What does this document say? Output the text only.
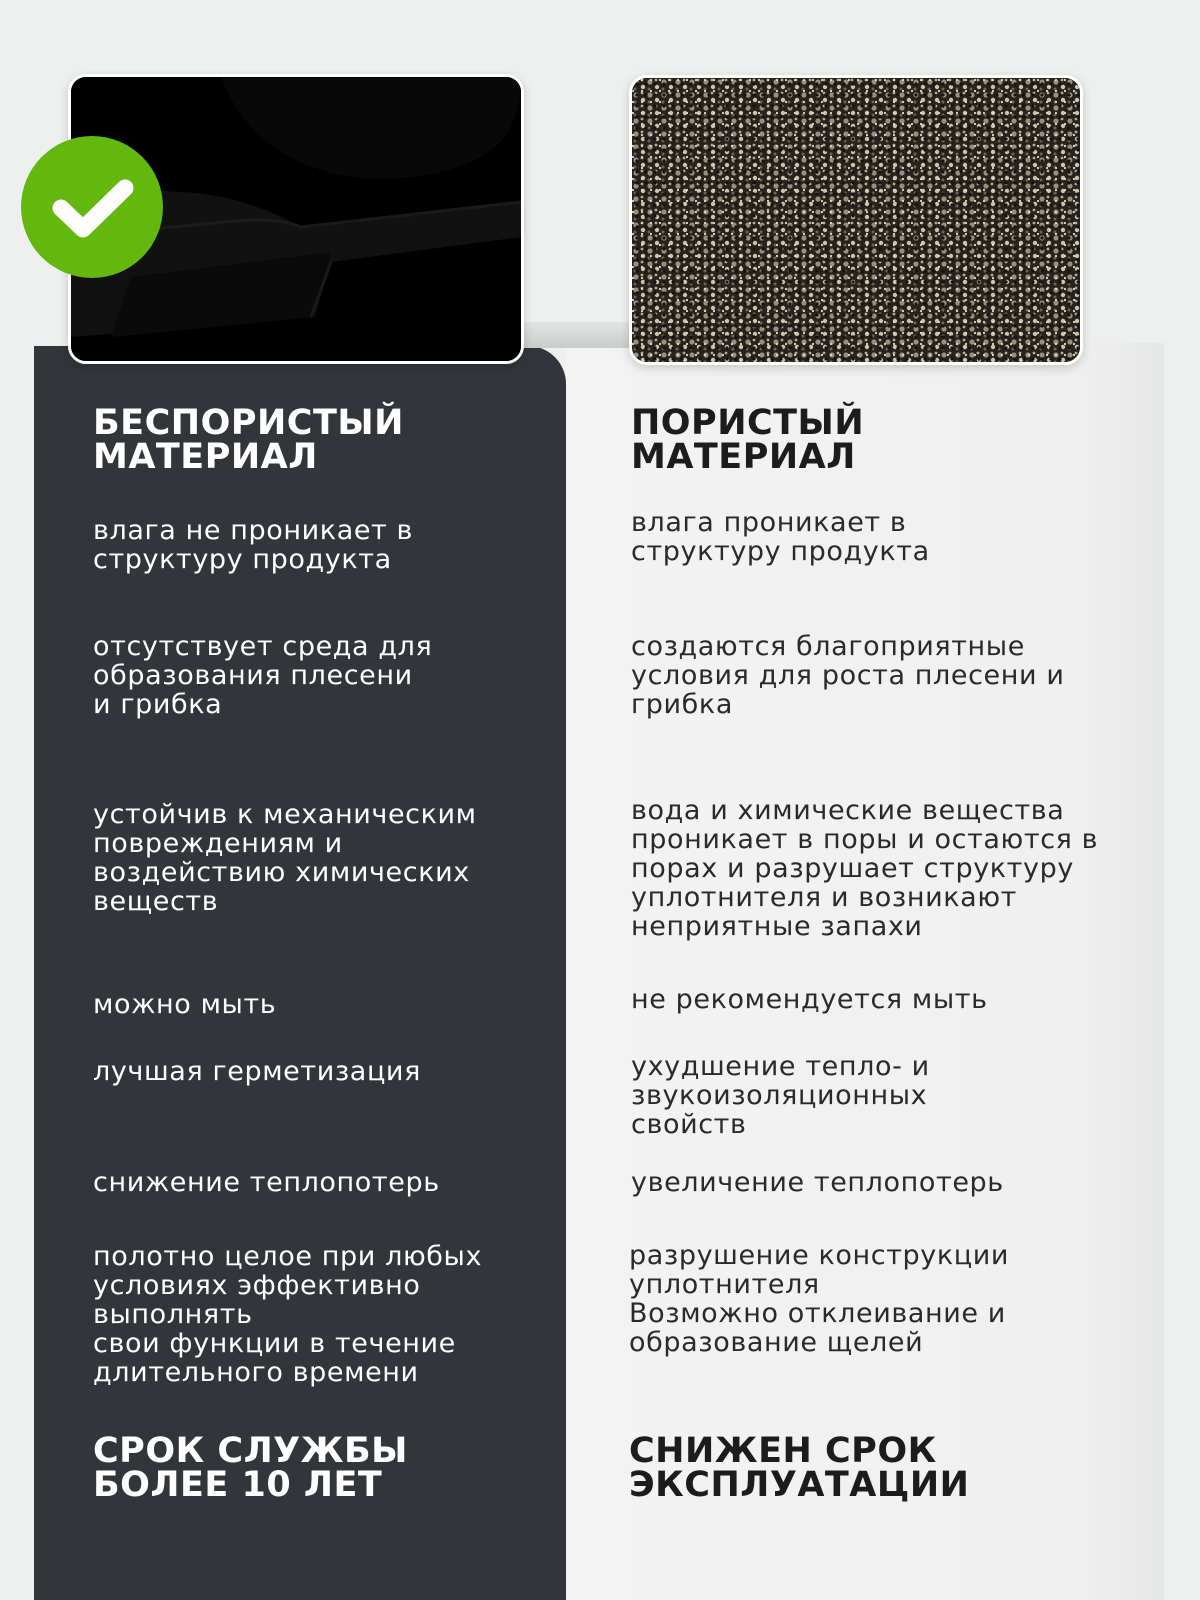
БЕСПОРИСТЫЙ
МАТЕРИАЛ
влага не проникает в
структуру продукта
отсутствует среда для
образования плесени
и грибка
устойчив к механическим
повреждениям и
воздействию химических
веществ
можно мыть
лучшая герметизация
снижение теплопотерь
полотно целое при любых
условиях эффективно
выполнять
свои функции в течение
длительного времени
СРОК СЛУЖБЫ
БОЛЕЕ 10 ЛЕТ
ПОРИСТЫЙ
МАТЕРИАЛ
влага проникает в
структуру продукта
создаются благоприятные
условия для роста плесени и
грибка
вода и химические вещества
проникает в поры и остаются в
порах и разрушает структуру
уплотнителя и возникают
неприятные запахи
не рекомендуется мыть
ухудшение тепло- и
звукоизоляционных
свойств
увеличение теплопотерь
разрушение конструкции
уплотнителя
Возможно отклеивание и
образование щелей
СНИЖЕН СРОК
ЭКСПЛУАТАЦИИ
